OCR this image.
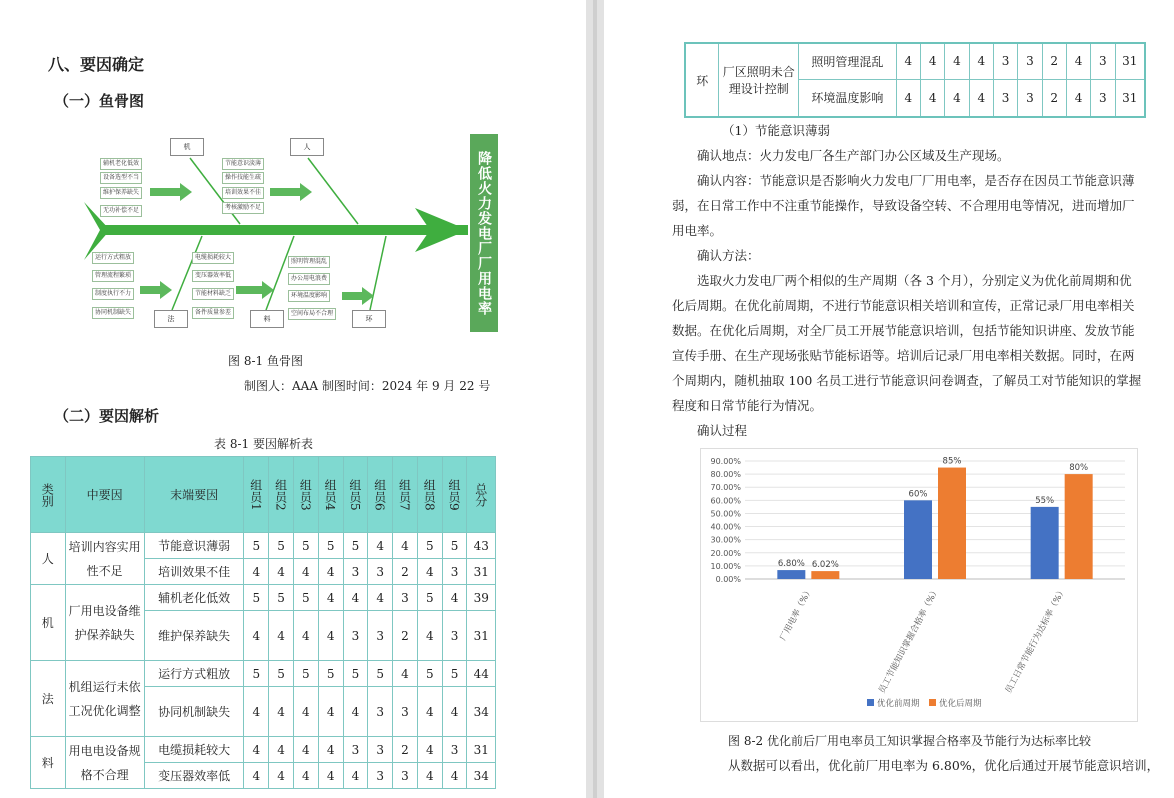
八、要因确定
（一）鱼骨图
机	人
法	料	环
辅机老化低效
设备选型不当
维护保养缺失
无功补偿不足
节能意识淡薄
操作技能生疏
培训效果不佳
考核激励不足
运行方式粗放
管理流程繁琐
制度执行不力
协同机制缺失
电缆损耗较大
变压器效率低
节能材料缺乏
备件质量参差
照明管理混乱
办公用电浪费
环境温度影响
空间布局不合理	降低火力发电厂厂用电率
图 8-1 鱼骨图
制图人：AAA 制图时间：2024 年 9 月 22 号
（二）要因解析
表 8-1 要因解析表
类别	中要因	末端要因	组员1	组员2	组员3	组员4	组员5	组员6	组员7	组员8	组员9	总分
人	培训内容实用性不足	节能意识薄弱	5	5	5	5	5	4	4	5	5	43
		培训效果不佳	4	4	4	4	3	3	2	4	3	31
机	厂用电设备维护保养缺失	辅机老化低效	5	5	5	4	4	4	3	5	4	39
		维护保养缺失	4	4	4	4	3	3	2	4	3	31
法	机组运行未依工况优化调整	运行方式粗放	5	5	5	5	5	5	4	5	5	44
		协同机制缺失	4	4	4	4	4	3	3	4	4	34
料	用电电设备规格不合理	电缆损耗较大	4	4	4	4	3	3	2	4	3	31
		变压器效率低	4	4	4	4	4	3	3	4	4	34
环	厂区照明未合理设计控制	照明管理混乱	4	4	4	4	3	3	2	4	3	31
		环境温度影响	4	4	4	4	3	3	2	4	3	31

（1）节能意识薄弱

确认地点：火力发电厂各生产部门办公区域及生产现场。

确认内容：节能意识是否影响火力发电厂厂用电率，是否存在因员工节能意识薄弱，在日常工作中不注重节能操作，导致设备空转、不合理用电等情况，进而增加厂用电率。

确认方法：

选取火力发电厂两个相似的生产周期（各 3 个月），分别定义为优化前周期和优化后周期。在优化前周期，不进行节能意识相关培训和宣传，正常记录厂用电率相关数据。在优化后周期，对全厂员工开展节能意识培训，包括节能知识讲座、发放节能宣传手册、在生产现场张贴节能标语等。培训后记录厂用电率相关数据。同时，在两个周期内，随机抽取 100 名员工进行节能意识问卷调查，了解员工对节能知识的掌握程度和日常节能行为情况。

确认过程

0.00%
10.00%
20.00%
30.00%
40.00%
50.00%
60.00%
70.00%
80.00%
90.00%
6.80% 6.02%
厂用电率（%）
60%
85%
员工节能知识掌握合格率（%）
55%
80%
员工日常节能行为达标率（%）
优化前周期 优化后周期
图 8-2 优化前后厂用电率员工知识掌握合格率及节能行为达标率比较
从数据可以看出，优化前厂用电率为 6.80%，优化后通过开展节能意识培训，
